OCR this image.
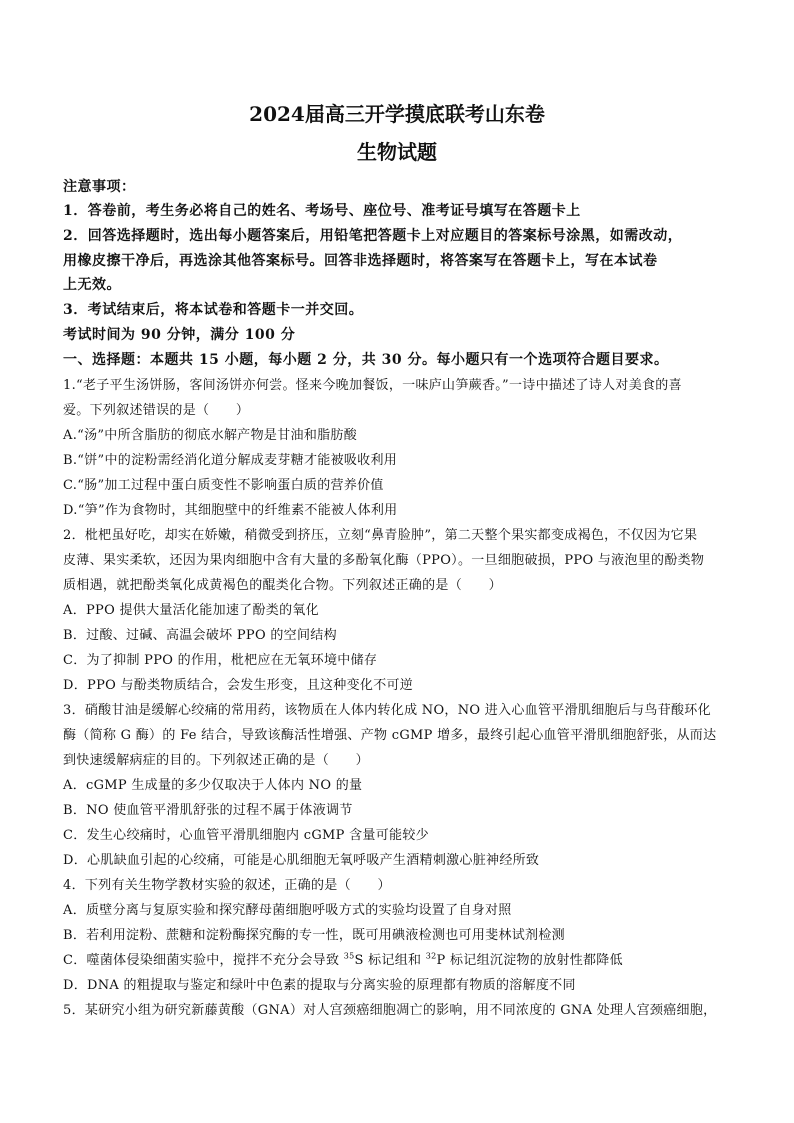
2024届高三开学摸底联考山东卷
生物试题
注意事项：
1．答卷前，考生务必将自己的姓名、考场号、座位号、准考证号填写在答题卡上
2．回答选择题时，选出每小题答案后，用铅笔把答题卡上对应题目的答案标号涂黑，如需改动，
用橡皮擦干净后，再选涂其他答案标号。回答非选择题时，将答案写在答题卡上，写在本试卷
上无效。
3．考试结束后，将本试卷和答题卡一并交回。
考试时间为 90 分钟，满分 100 分
一、选择题：本题共 15 小题，每小题 2 分，共 30 分。每小题只有一个选项符合题目要求。
1.“老子平生汤饼肠，客间汤饼亦何尝。怪来今晚加餐饭，一味庐山笋蕨香。”一诗中描述了诗人对美食的喜
爱。下列叙述错误的是（　　）
A.“汤”中所含脂肪的彻底水解产物是甘油和脂肪酸
B.“饼”中的淀粉需经消化道分解成麦芽糖才能被吸收利用
C.“肠”加工过程中蛋白质变性不影响蛋白质的营养价值
D.“笋”作为食物时，其细胞壁中的纤维素不能被人体利用
2．枇杷虽好吃，却实在娇嫩，稍微受到挤压，立刻“鼻青脸肿”，第二天整个果实都变成褐色，不仅因为它果
皮薄、果实柔软，还因为果肉细胞中含有大量的多酚氧化酶（PPO）。一旦细胞破损，PPO 与液泡里的酚类物
质相遇，就把酚类氧化成黄褐色的醌类化合物。下列叙述正确的是（　　）
A．PPO 提供大量活化能加速了酚类的氧化
B．过酸、过碱、高温会破坏 PPO 的空间结构
C．为了抑制 PPO 的作用，枇杷应在无氧环境中储存
D．PPO 与酚类物质结合，会发生形变，且这种变化不可逆
3．硝酸甘油是缓解心绞痛的常用药，该物质在人体内转化成 NO，NO 进入心血管平滑肌细胞后与鸟苷酸环化
酶（简称 G 酶）的 Fe 结合，导致该酶活性增强、产物 cGMP 增多，最终引起心血管平滑肌细胞舒张，从而达
到快速缓解病症的目的。下列叙述正确的是（　　）
A．cGMP 生成量的多少仅取决于人体内 NO 的量
B．NO 使血管平滑肌舒张的过程不属于体液调节
C．发生心绞痛时，心血管平滑肌细胞内 cGMP 含量可能较少
D．心肌缺血引起的心绞痛，可能是心肌细胞无氧呼吸产生酒精刺激心脏神经所致
4．下列有关生物学教材实验的叙述，正确的是（　　）
A．质壁分离与复原实验和探究酵母菌细胞呼吸方式的实验均设置了自身对照
B．若利用淀粉、蔗糖和淀粉酶探究酶的专一性，既可用碘液检测也可用斐林试剂检测
C．噬菌体侵染细菌实验中，搅拌不充分会导致 $^{35}$S 标记组和 $^{32}$P 标记组沉淀物的放射性都降低
D．DNA 的粗提取与鉴定和绿叶中色素的提取与分离实验的原理都有物质的溶解度不同
5．某研究小组为研究新藤黄酸（GNA）对人宫颈癌细胞凋亡的影响，用不同浓度的 GNA 处理人宫颈癌细胞，
